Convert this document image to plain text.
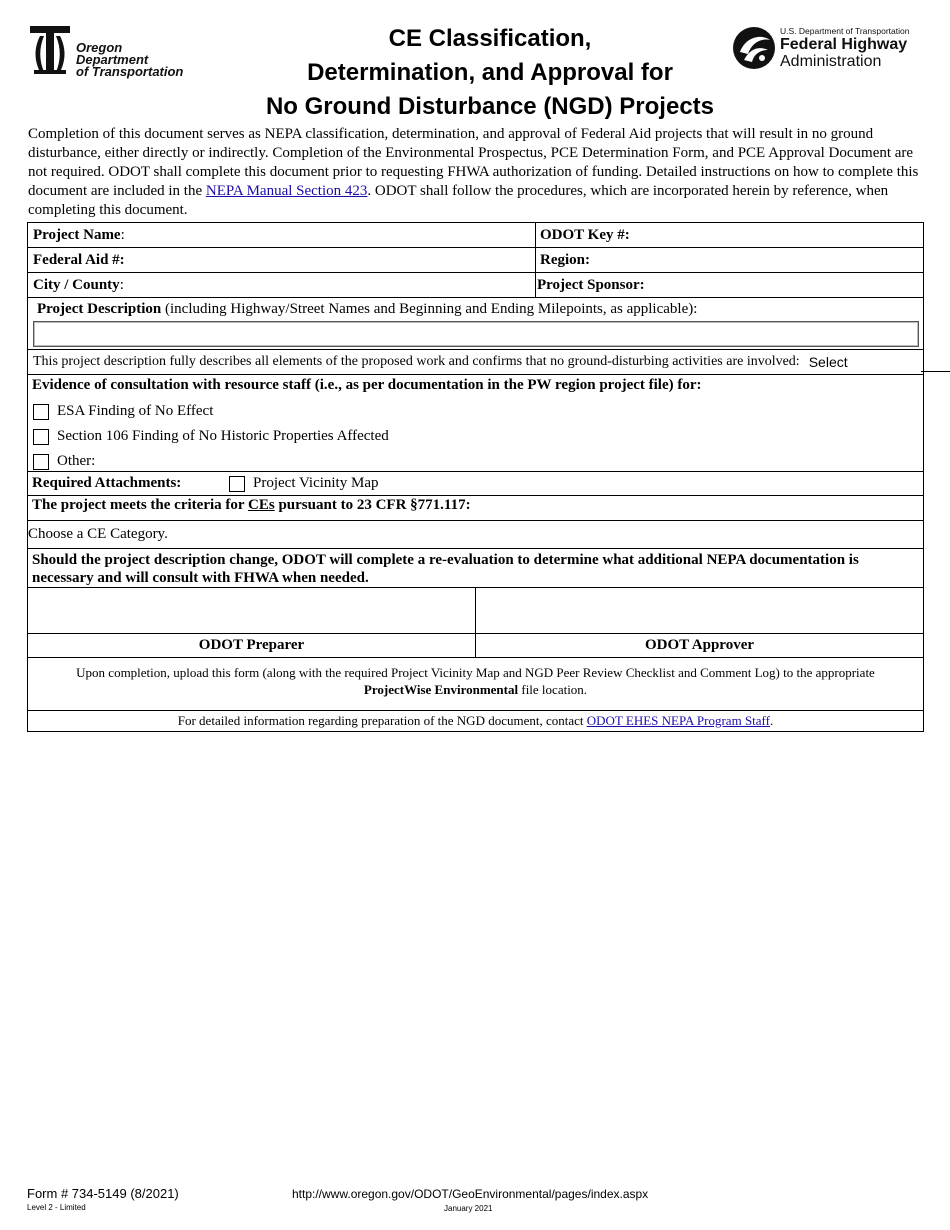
Oregon
Department
of Transportation
CE Classification,
Determination, and Approval for
No Ground Disturbance (NGD) Projects
U.S. Department of Transportation
Federal Highway
Administration
Completion of this document serves as NEPA classification, determination, and approval of Federal Aid projects that will result in no ground disturbance, either directly or indirectly. Completion of the Environmental Prospectus, PCE Determination Form, and PCE Approval Document are not required. ODOT shall complete this document prior to requesting FHWA authorization of funding. Detailed instructions on how to complete this document are included in the NEPA Manual Section 423. ODOT shall follow the procedures, which are incorporated herein by reference, when completing this document.
Project Name :	ODOT Key #:
Federal Aid #:	Region:
City / County :	Project Sponsor:
Project Description (including Highway/Street Names and Beginning and Ending Milepoints, as applicable):
This project description fully describes all elements of the proposed work and confirms that no ground-disturbing activities are involved: Select
Evidence of consultation with resource staff (i.e., as per documentation in the PW region project file) for:
ESA Finding of No Effect
Section 106 Finding of No Historic Properties Affected
Other:
Required Attachments:	Project Vicinity Map
The project meets the criteria for CEs pursuant to 23 CFR §771.117:
Choose a CE Category.
Should the project description change, ODOT will complete a re-evaluation to determine what additional NEPA documentation is necessary and will consult with FHWA when needed.
ODOT Preparer	ODOT Approver
Upon completion, upload this form (along with the required Project Vicinity Map and NGD Peer Review Checklist and Comment Log) to the appropriate
ProjectWise Environmental file location.
For detailed information regarding preparation of the NGD document, contact ODOT EHES NEPA Program Staff.
Form # 734-5149 (8/2021)
Level 2 - Limited
http://www.oregon.gov/ODOT/GeoEnvironmental/pages/index.aspx
January 2021
